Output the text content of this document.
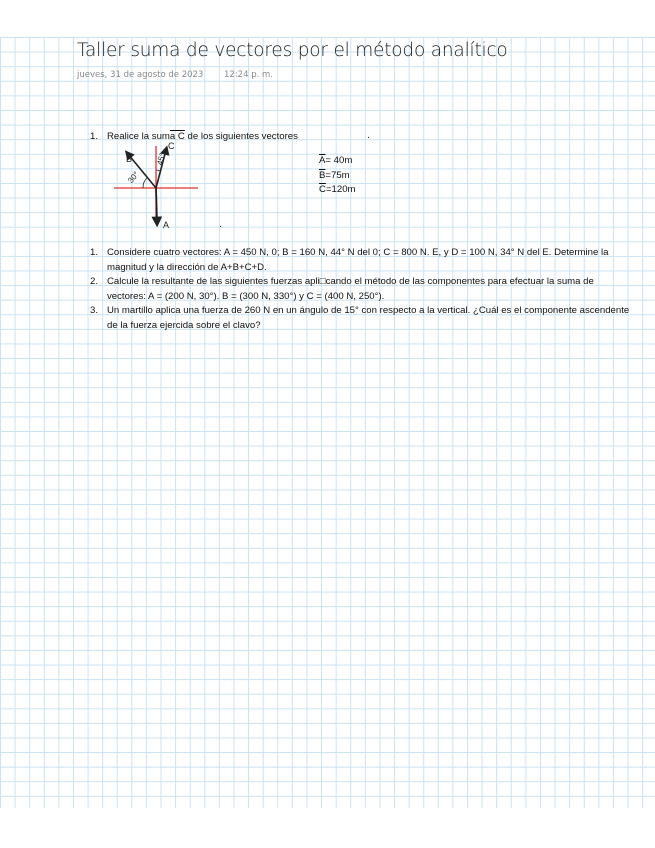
Taller suma de vectores por el método analítico
jueves, 31 de agosto de 2023 12:24 p. m.
1. Realice la suma C de los siguientes vectores	.
B
C
A
30°
45°
.
$\overline{A}= 40m$
$\overline{B}=75m$
$\overline{C}=120m$
1. Considere cuatro vectores: A = 450 N, 0; B = 160 N, 44° N del 0; C = 800 N. E, y D = 100 N, 34° N del E. Determine la magnitud y la dirección de A+B+C+D.
2. Calcule la resultante de las siguientes fuerzas apli□cando el método de las componentes para efectuar la suma de vectores: A = (200 N, 30°). B = (300 N, 330°) y C = (400 N, 250°).
3. Un martillo aplica una fuerza de 260 N en un ángulo de 15° con respecto a la vertical. ¿Cuál es el componente ascendente de la fuerza ejercida sobre el clavo?
